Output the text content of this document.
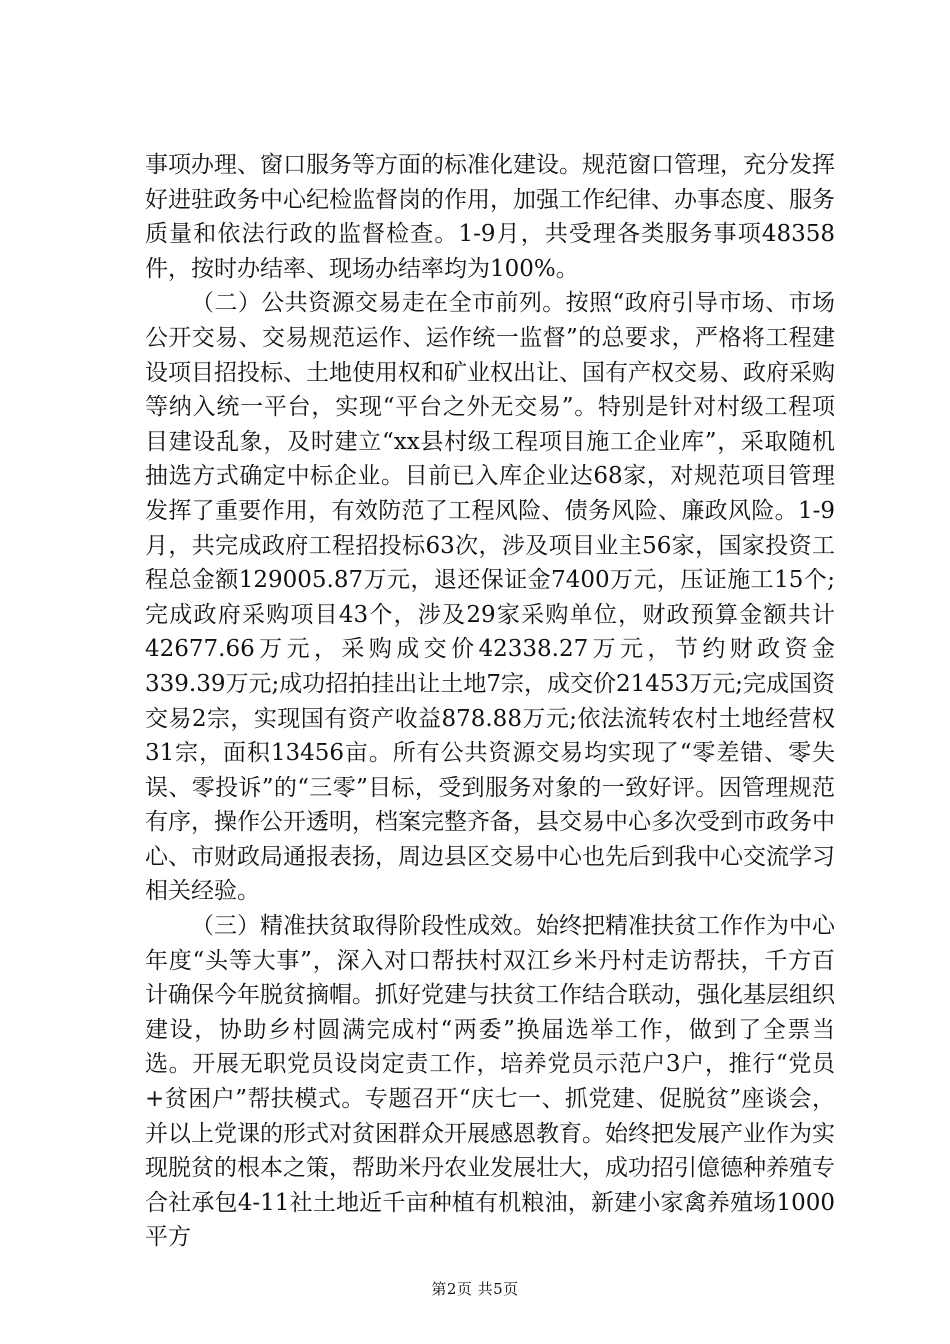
事项办理、窗口服务等方面的标准化建设。规范窗口管理，充分发挥好进驻政务中心纪检监督岗的作用，加强工作纪律、办事态度、服务质量和依法行政的监督检查。1-9月，共受理各类服务事项48358件，按时办结率、现场办结率均为100%。

（二）公共资源交易走在全市前列。按照“政府引导市场、市场公开交易、交易规范运作、运作统一监督”的总要求，严格将工程建设项目招投标、土地使用权和矿业权出让、国有产权交易、政府采购等纳入统一平台，实现“平台之外无交易”。特别是针对村级工程项目建设乱象，及时建立“xx县村级工程项目施工企业库”，采取随机抽选方式确定中标企业。目前已入库企业达68家，对规范项目管理发挥了重要作用，有效防范了工程风险、债务风险、廉政风险。1-9月，共完成政府工程招投标63次，涉及项目业主56家，国家投资工程总金额129005.87万元，退还保证金7400万元，压证施工15个;完成政府采购项目43个，涉及29家采购单位，财政预算金额共计42677.66万元，采购成交价42338.27万元，节约财政资金339.39万元;成功招拍挂出让土地7宗，成交价21453万元;完成国资交易2宗，实现国有资产收益878.88万元;依法流转农村土地经营权31宗，面积13456亩。所有公共资源交易均实现了“零差错、零失误、零投诉”的“三零”目标，受到服务对象的一致好评。因管理规范有序，操作公开透明，档案完整齐备，县交易中心多次受到市政务中心、市财政局通报表扬，周边县区交易中心也先后到我中心交流学习相关经验。

（三）精准扶贫取得阶段性成效。始终把精准扶贫工作作为中心年度“头等大事”，深入对口帮扶村双江乡米丹村走访帮扶，千方百计确保今年脱贫摘帽。抓好党建与扶贫工作结合联动，强化基层组织建设，协助乡村圆满完成村“两委”换届选举工作，做到了全票当选。开展无职党员设岗定责工作，培养党员示范户3户，推行“党员+贫困户”帮扶模式。专题召开“庆七一、抓党建、促脱贫”座谈会，并以上党课的形式对贫困群众开展感恩教育。始终把发展产业作为实现脱贫的根本之策，帮助米丹农业发展壮大，成功招引億德种养殖专合社承包4-11社土地近千亩种植有机粮油，新建小家禽养殖场1000平方

第2页 共5页
